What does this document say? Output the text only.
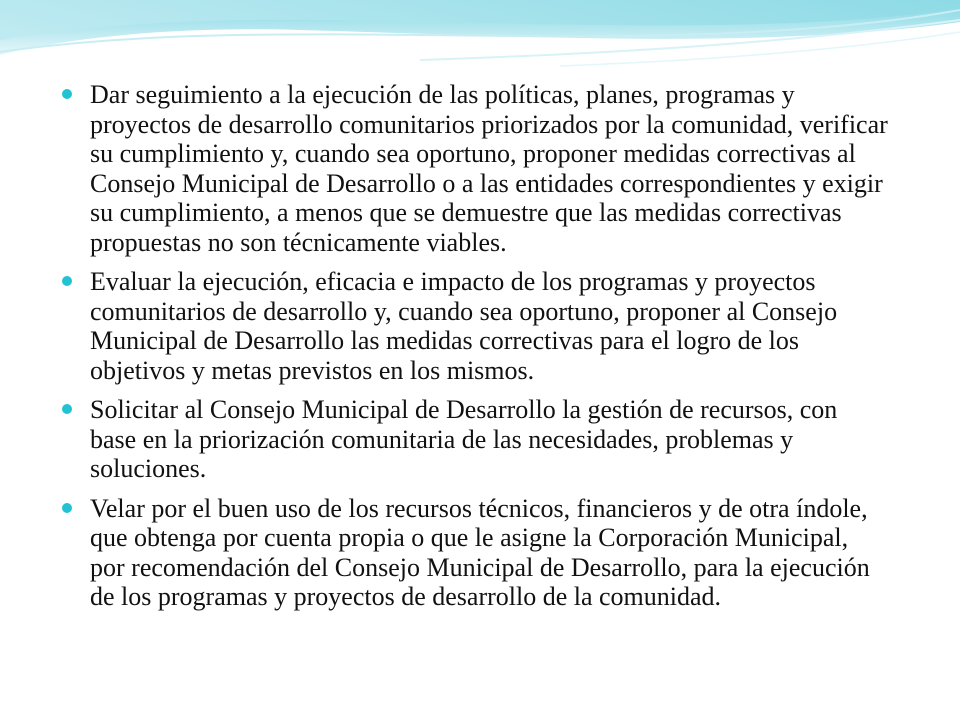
Dar seguimiento a la ejecución de las políticas, planes, programas y proyectos de desarrollo comunitarios priorizados por la comunidad, verificar su cumplimiento y, cuando sea oportuno, proponer medidas correctivas al Consejo Municipal de Desarrollo o a las entidades correspondientes y exigir su cumplimiento, a menos que se demuestre que las medidas correctivas propuestas no son técnicamente viables.
Evaluar la ejecución, eficacia e impacto de los programas y proyectos comunitarios de desarrollo y, cuando sea oportuno, proponer al Consejo Municipal de Desarrollo las medidas correctivas para el logro de los objetivos y metas previstos en los mismos.
Solicitar al Consejo Municipal de Desarrollo la gestión de recursos, con base en la priorización comunitaria de las necesidades, problemas y soluciones.
Velar por el buen uso de los recursos técnicos, financieros y de otra índole, que obtenga por cuenta propia o que le asigne la Corporación Municipal, por recomendación del Consejo Municipal de Desarrollo, para la ejecución de los programas y proyectos de desarrollo de la comunidad.
